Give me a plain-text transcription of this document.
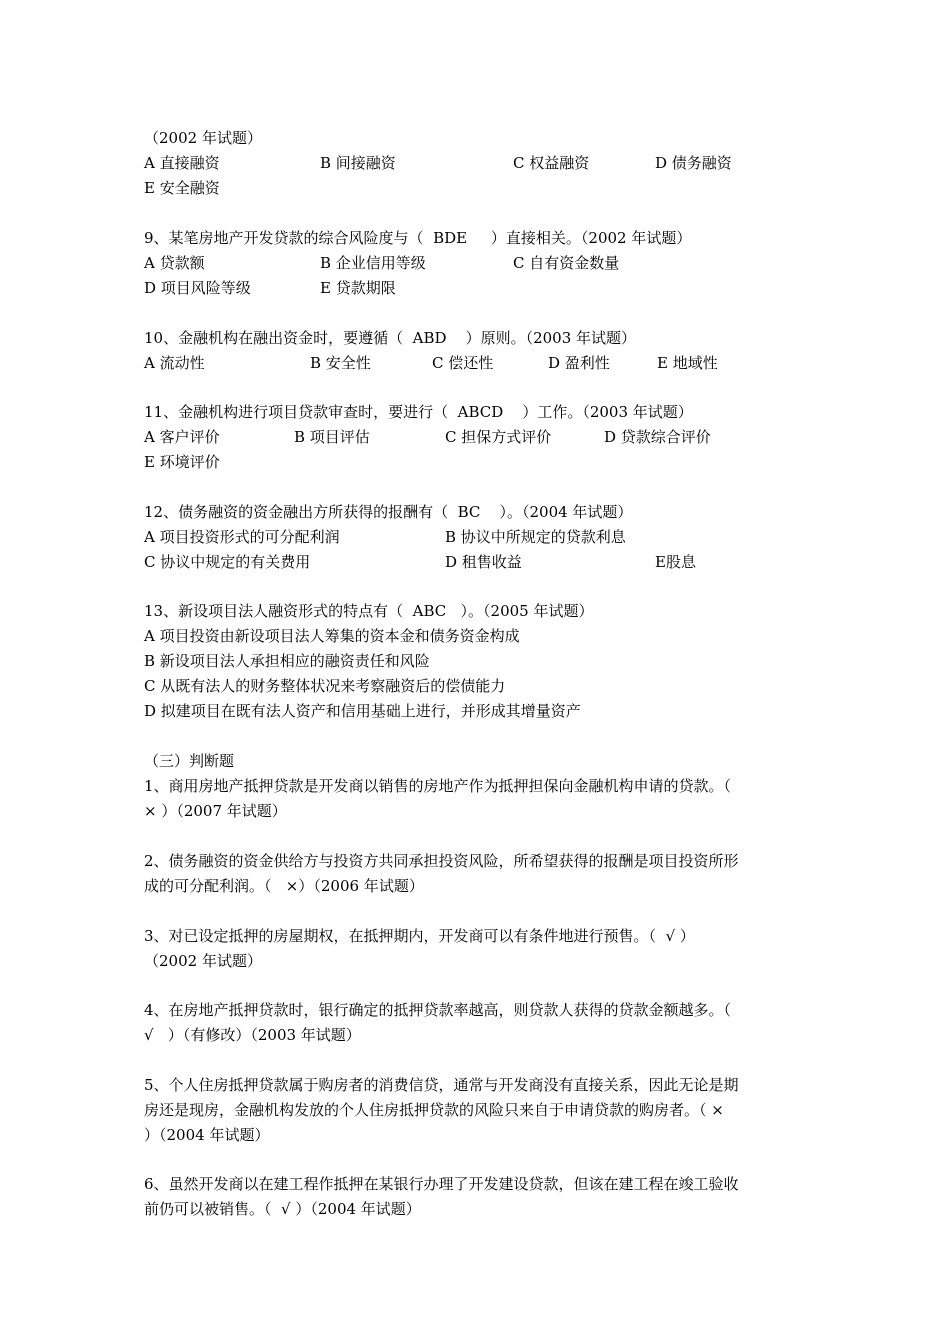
（2002 年试题）
A 直接融资	B 间接融资	C 权益融资	D 债务融资
E 安全融资
9、某笔房地产开发贷款的综合风险度与（  BDE     ）直接相关。（2002 年试题）
A 贷款额	B 企业信用等级	C 自有资金数量
D 项目风险等级	E 贷款期限
10、金融机构在融出资金时，要遵循（  ABD    ）原则。（2003 年试题）
A 流动性	B 安全性	C 偿还性	D 盈利性	E 地域性
11、金融机构进行项目贷款审查时，要进行（  ABCD    ）工作。（2003 年试题）
A 客户评价	B 项目评估	C 担保方式评价	D 贷款综合评价
E 环境评价
12、债务融资的资金融出方所获得的报酬有（  BC    ）。（2004 年试题）
A 项目投资形式的可分配利润	B 协议中所规定的贷款利息
C 协议中规定的有关费用	D 租售收益	E股息
13、新设项目法人融资形式的特点有（  ABC   ）。（2005 年试题）
A 项目投资由新设项目法人筹集的资本金和债务资金构成
B 新设项目法人承担相应的融资责任和风险
C 从既有法人的财务整体状况来考察融资后的偿债能力
D 拟建项目在既有法人资产和信用基础上进行，并形成其增量资产
（三）判断题
1、商用房地产抵押贷款是开发商以销售的房地产作为抵押担保向金融机构申请的贷款。（
× ）（2007 年试题）
2、债务融资的资金供给方与投资方共同承担投资风险，所希望获得的报酬是项目投资所形
成的可分配利润。（   ×）（2006 年试题）
3、对已设定抵押的房屋期权，在抵押期内，开发商可以有条件地进行预售。（  √ ）
（2002 年试题）
4、在房地产抵押贷款时，银行确定的抵押贷款率越高，则贷款人获得的贷款金额越多。（
√   ）（有修改）（2003 年试题）
5、个人住房抵押贷款属于购房者的消费信贷，通常与开发商没有直接关系，因此无论是期
房还是现房，金融机构发放的个人住房抵押贷款的风险只来自于申请贷款的购房者。（ ×
）（2004 年试题）
6、虽然开发商以在建工程作抵押在某银行办理了开发建设贷款，但该在建工程在竣工验收
前仍可以被销售。（  √ ）（2004 年试题）
